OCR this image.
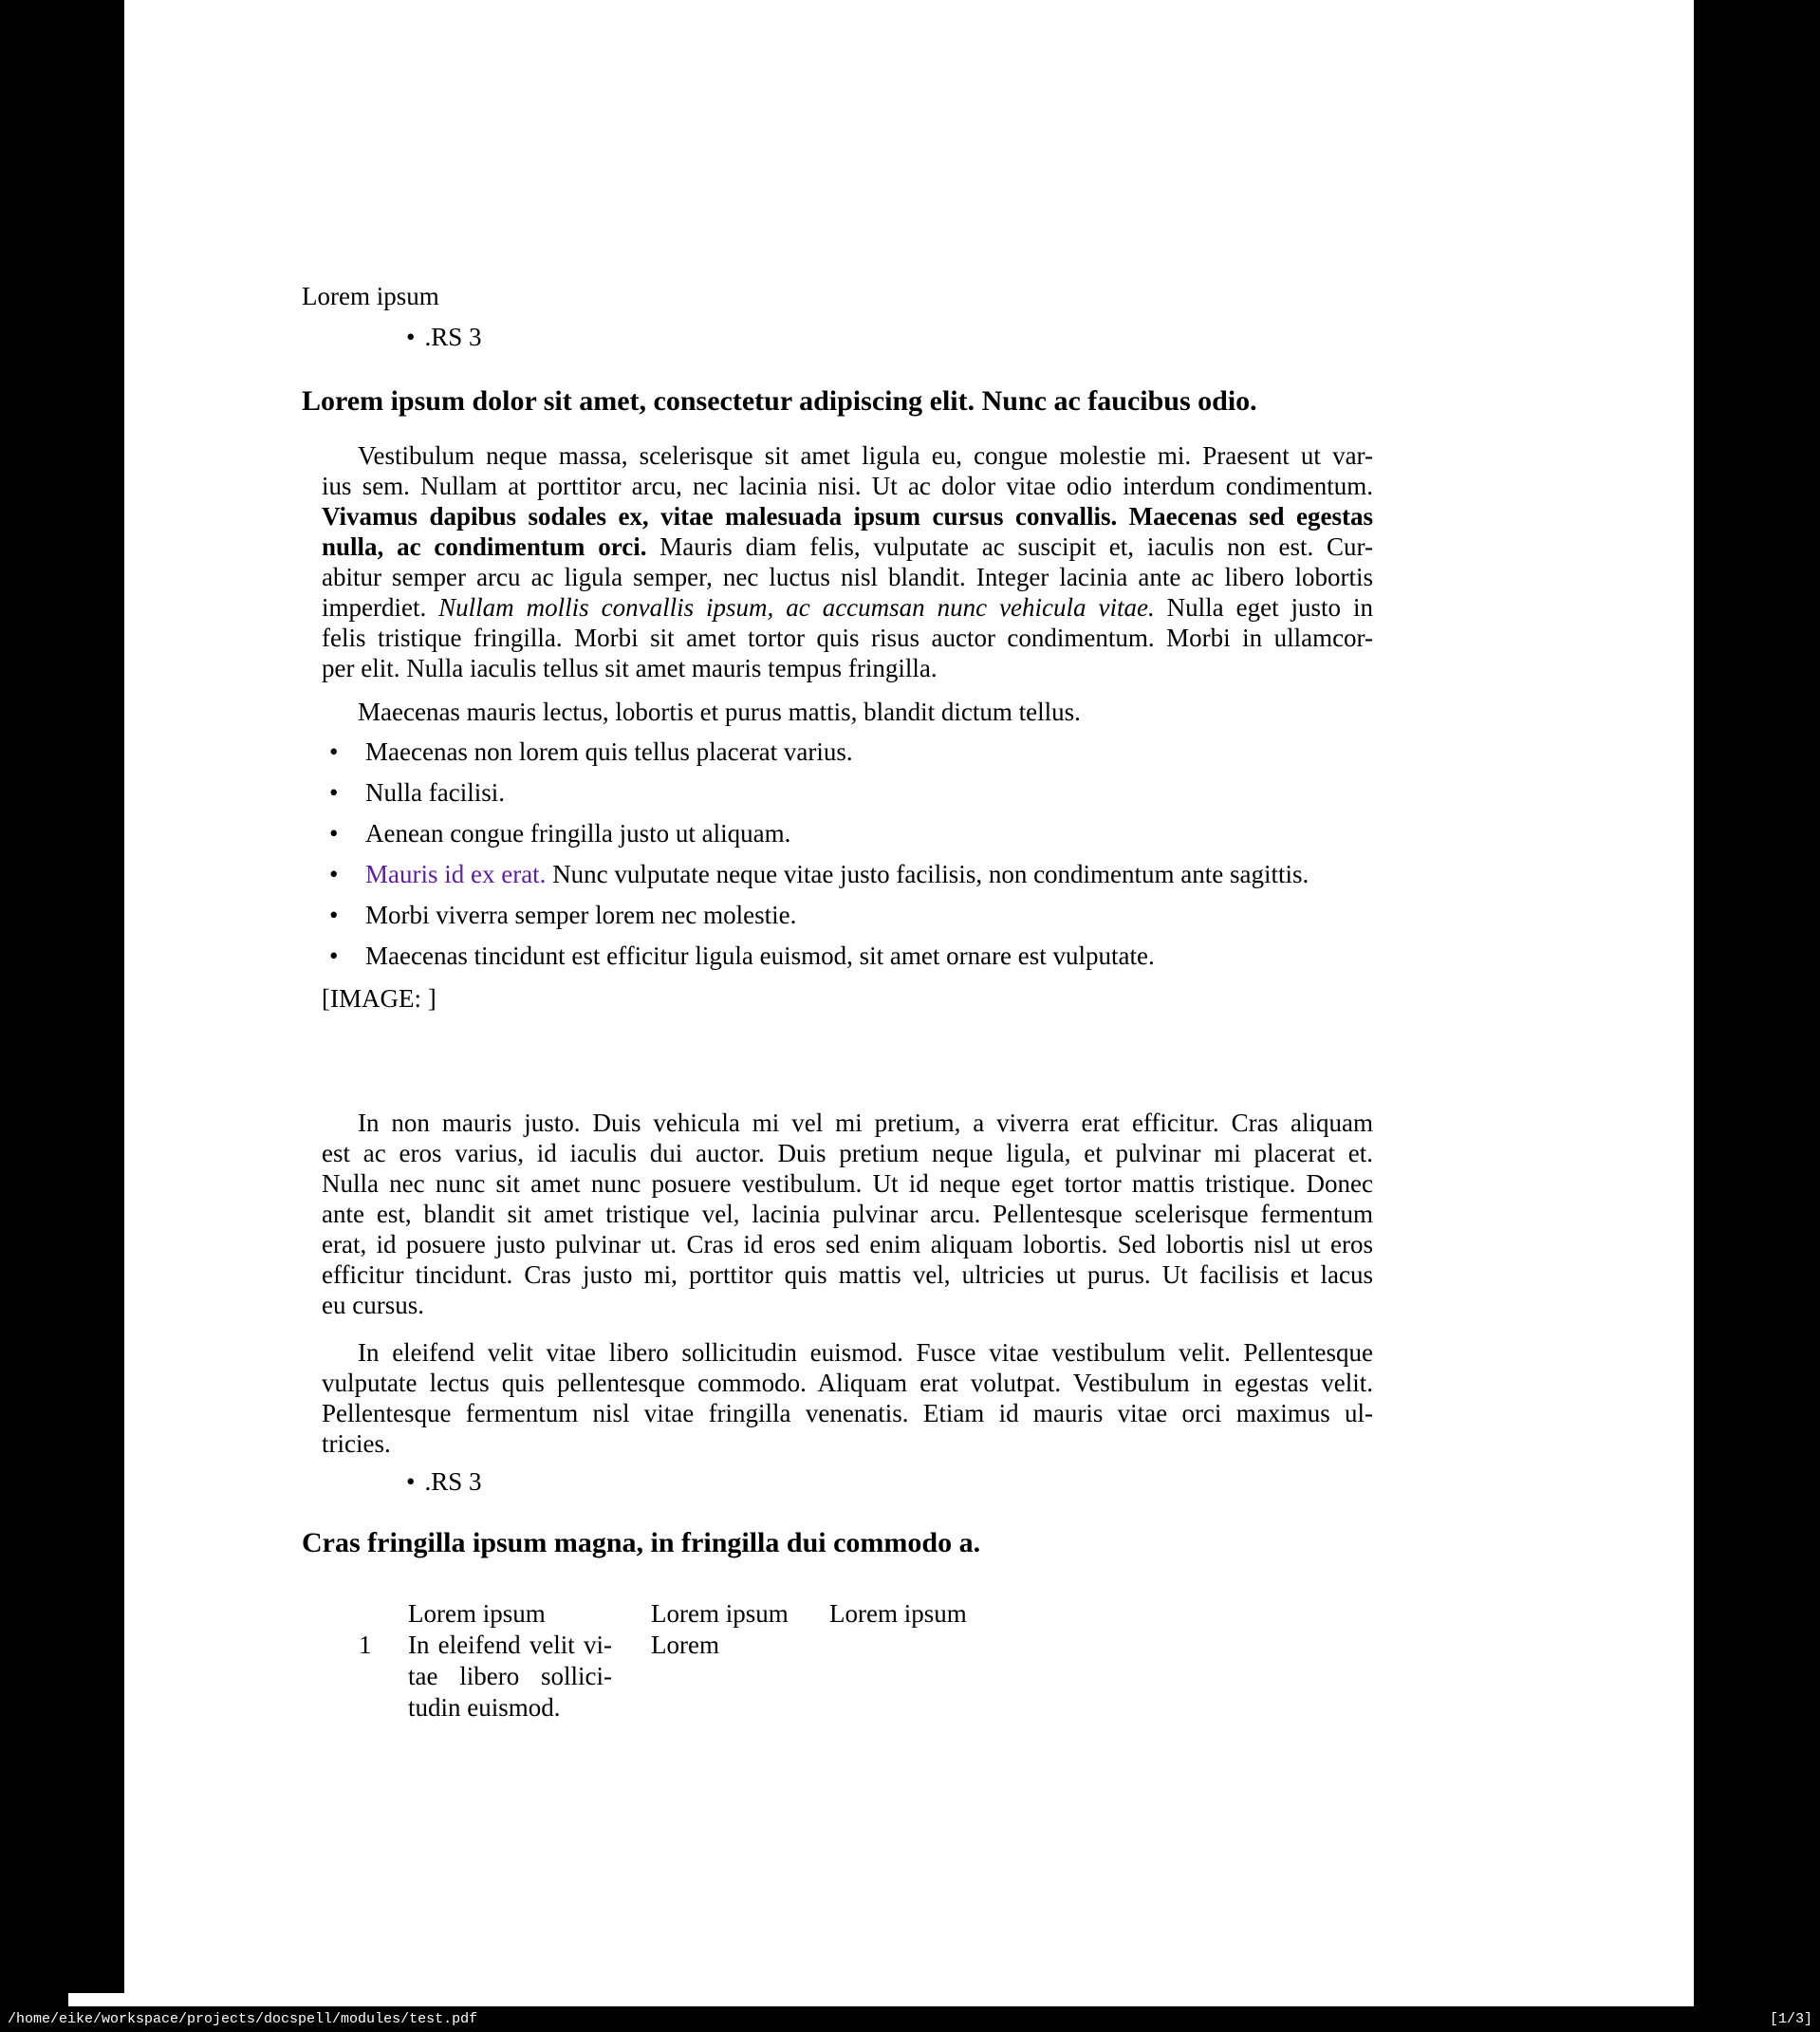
Lorem ipsum
• .RS 3
Lorem ipsum dolor sit amet, consectetur adipiscing elit. Nunc ac faucibus odio.
Vestibulum neque massa, scelerisque sit amet ligula eu, congue molestie mi. Praesent ut var-
ius sem. Nullam at porttitor arcu, nec lacinia nisi. Ut ac dolor vitae odio interdum condimentum.
Vivamus dapibus sodales ex, vitae malesuada ipsum cursus convallis. Maecenas sed egestas
nulla, ac condimentum orci. Mauris diam felis, vulputate ac suscipit et, iaculis non est. Cur-
abitur semper arcu ac ligula semper, nec luctus nisl blandit. Integer lacinia ante ac libero lobortis
imperdiet. Nullam mollis convallis ipsum, ac accumsan nunc vehicula vitae. Nulla eget justo in
felis tristique fringilla. Morbi sit amet tortor quis risus auctor condimentum. Morbi in ullamcor-
per elit. Nulla iaculis tellus sit amet mauris tempus fringilla.
Maecenas mauris lectus, lobortis et purus mattis, blandit dictum tellus.
• Maecenas non lorem quis tellus placerat varius.
• Nulla facilisi.
• Aenean congue fringilla justo ut aliquam.
• Mauris id ex erat. Nunc vulputate neque vitae justo facilisis, non condimentum ante sagittis.
• Morbi viverra semper lorem nec molestie.
• Maecenas tincidunt est efficitur ligula euismod, sit amet ornare est vulputate.
[IMAGE: ]
In non mauris justo. Duis vehicula mi vel mi pretium, a viverra erat efficitur. Cras aliquam
est ac eros varius, id iaculis dui auctor. Duis pretium neque ligula, et pulvinar mi placerat et.
Nulla nec nunc sit amet nunc posuere vestibulum. Ut id neque eget tortor mattis tristique. Donec
ante est, blandit sit amet tristique vel, lacinia pulvinar arcu. Pellentesque scelerisque fermentum
erat, id posuere justo pulvinar ut. Cras id eros sed enim aliquam lobortis. Sed lobortis nisl ut eros
efficitur tincidunt. Cras justo mi, porttitor quis mattis vel, ultricies ut purus. Ut facilisis et lacus
eu cursus.
In eleifend velit vitae libero sollicitudin euismod. Fusce vitae vestibulum velit. Pellentesque
vulputate lectus quis pellentesque commodo. Aliquam erat volutpat. Vestibulum in egestas velit.
Pellentesque fermentum nisl vitae fringilla venenatis. Etiam id mauris vitae orci maximus ul-
tricies.
• .RS 3
Cras fringilla ipsum magna, in fringilla dui commodo a.
Lorem ipsum	Lorem ipsum Lorem ipsum
1 In eleifend velit vi-
tae libero sollici-
tudin euismod.
Lorem
/home/eike/workspace/projects/docspell/modules/test.pdf	[1/3]
